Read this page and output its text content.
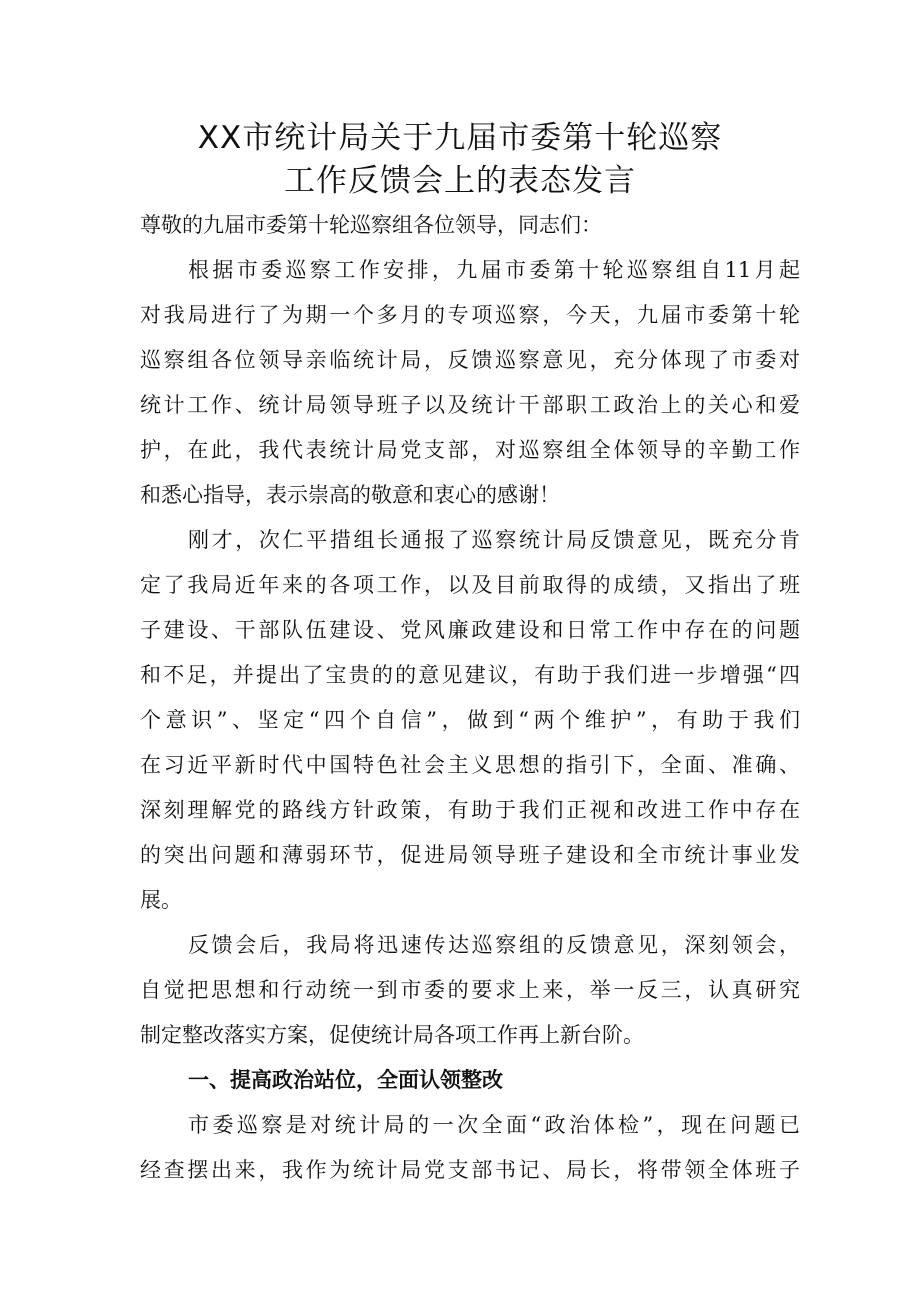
XX市统计局关于九届市委第十轮巡察
工作反馈会上的表态发言
尊敬的九届市委第十轮巡察组各位领导，同志们：
根据市委巡察工作安排，九届市委第十轮巡察组自11月起
对我局进行了为期一个多月的专项巡察，今天，九届市委第十轮
巡察组各位领导亲临统计局，反馈巡察意见，充分体现了市委对
统计工作、统计局领导班子以及统计干部职工政治上的关心和爱
护，在此，我代表统计局党支部，对巡察组全体领导的辛勤工作
和悉心指导，表示崇高的敬意和衷心的感谢！
刚才，次仁平措组长通报了巡察统计局反馈意见，既充分肯
定了我局近年来的各项工作，以及目前取得的成绩，又指出了班
子建设、干部队伍建设、党风廉政建设和日常工作中存在的问题
和不足，并提出了宝贵的的意见建议，有助于我们进一步增强“四
个意识”、坚定“四个自信”，做到“两个维护”，有助于我们
在习近平新时代中国特色社会主义思想的指引下，全面、准确、
深刻理解党的路线方针政策，有助于我们正视和改进工作中存在
的突出问题和薄弱环节，促进局领导班子建设和全市统计事业发
展。
反馈会后，我局将迅速传达巡察组的反馈意见，深刻领会，
自觉把思想和行动统一到市委的要求上来，举一反三，认真研究
制定整改落实方案，促使统计局各项工作再上新台阶。
一、提高政治站位，全面认领整改
市委巡察是对统计局的一次全面“政治体检”，现在问题已
经查摆出来，我作为统计局党支部书记、局长，将带领全体班子
